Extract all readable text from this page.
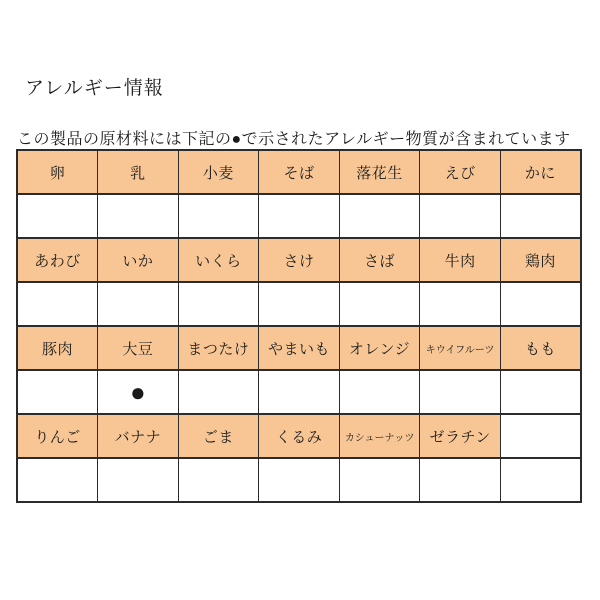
アレルギー情報

この製品の原材料には下記の●で示されたアレルギー物質が含まれています

卵	乳	小麦	そば	落花生	えび	かに

あわび	いか	いくら	さけ	さば	牛肉	鶏肉

豚肉	大豆	まつたけ	やまいも	オレンジ	キウイフルーツ	もも
	●					
りんご	バナナ	ごま	くるみ	カシューナッツ	ゼラチン	
